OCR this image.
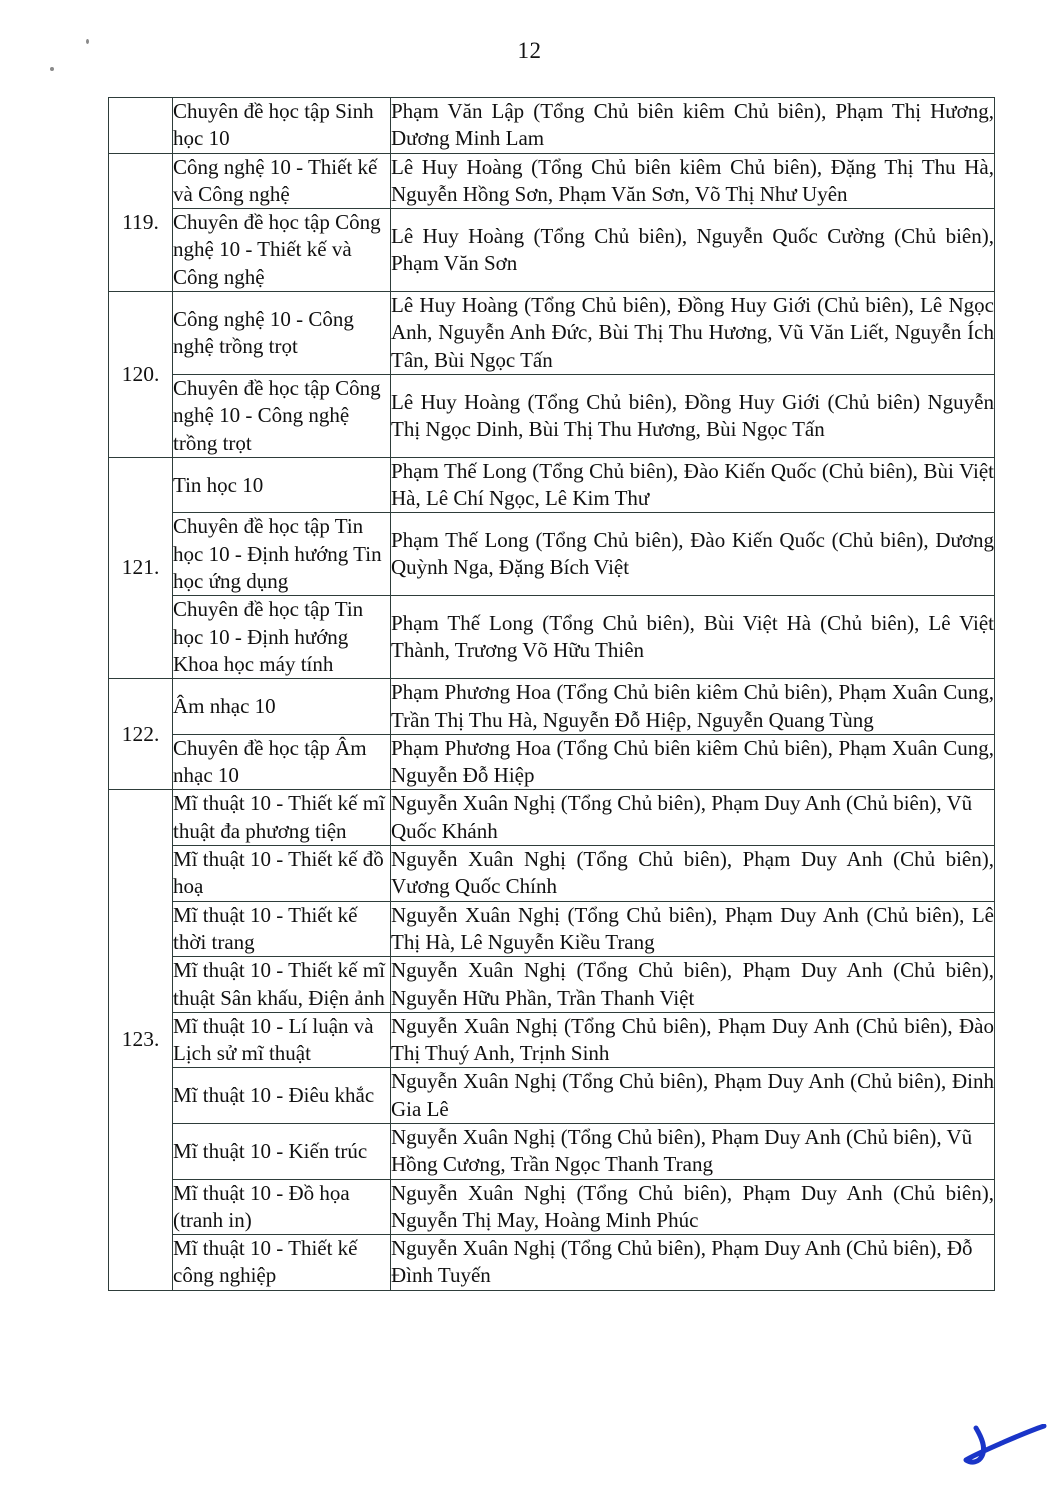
12
	Chuyên đề học tập Sinh học 10	Phạm Văn Lập (Tổng Chủ biên kiêm Chủ biên), Phạm Thị Hương, Dương Minh Lam
119.	Công nghệ 10 - Thiết kế và Công nghệ	Lê Huy Hoàng (Tổng Chủ biên kiêm Chủ biên), Đặng Thị Thu Hà, Nguyễn Hồng Sơn, Phạm Văn Sơn, Võ Thị Như Uyên
	Chuyên đề học tập Công nghệ 10 - Thiết kế và Công nghệ	Lê Huy Hoàng (Tổng Chủ biên), Nguyễn Quốc Cường (Chủ biên), Phạm Văn Sơn
120.	Công nghệ 10 - Công nghệ trồng trọt	Lê Huy Hoàng (Tổng Chủ biên), Đồng Huy Giới (Chủ biên), Lê Ngọc Anh, Nguyễn Anh Đức, Bùi Thị Thu Hương, Vũ Văn Liết, Nguyễn Ích Tân, Bùi Ngọc Tấn
	Chuyên đề học tập Công nghệ 10 - Công nghệ trồng trọt	Lê Huy Hoàng (Tổng Chủ biên), Đồng Huy Giới (Chủ biên) Nguyễn Thị Ngọc Dinh, Bùi Thị Thu Hương, Bùi Ngọc Tấn
121.	Tin học 10	Phạm Thế Long (Tổng Chủ biên), Đào Kiến Quốc (Chủ biên), Bùi Việt Hà, Lê Chí Ngọc, Lê Kim Thư
	Chuyên đề học tập Tin học 10 - Định hướng Tin học ứng dụng	Phạm Thế Long (Tổng Chủ biên), Đào Kiến Quốc (Chủ biên), Dương Quỳnh Nga, Đặng Bích Việt
	Chuyên đề học tập Tin học 10 - Định hướng Khoa học máy tính	Phạm Thế Long (Tổng Chủ biên), Bùi Việt Hà (Chủ biên), Lê Việt Thành, Trương Võ Hữu Thiên
122.	Âm nhạc 10	Phạm Phương Hoa (Tổng Chủ biên kiêm Chủ biên), Phạm Xuân Cung, Trần Thị Thu Hà, Nguyễn Đỗ Hiệp, Nguyễn Quang Tùng
	Chuyên đề học tập Âm nhạc 10	Phạm Phương Hoa (Tổng Chủ biên kiêm Chủ biên), Phạm Xuân Cung, Nguyễn Đỗ Hiệp
123.	Mĩ thuật 10 - Thiết kế mĩ thuật đa phương tiện	Nguyễn Xuân Nghị (Tổng Chủ biên), Phạm Duy Anh (Chủ biên), Vũ Quốc Khánh
	Mĩ thuật 10 - Thiết kế đồ hoạ	Nguyễn Xuân Nghị (Tổng Chủ biên), Phạm Duy Anh (Chủ biên), Vương Quốc Chính
	Mĩ thuật 10 - Thiết kế thời trang	Nguyễn Xuân Nghị (Tổng Chủ biên), Phạm Duy Anh (Chủ biên), Lê Thị Hà, Lê Nguyễn Kiều Trang
	Mĩ thuật 10 - Thiết kế mĩ thuật Sân khấu, Điện ảnh	Nguyễn Xuân Nghị (Tổng Chủ biên), Phạm Duy Anh (Chủ biên), Nguyễn Hữu Phần, Trần Thanh Việt
	Mĩ thuật 10 - Lí luận và Lịch sử mĩ thuật	Nguyễn Xuân Nghị (Tổng Chủ biên), Phạm Duy Anh (Chủ biên), Đào Thị Thuý Anh, Trịnh Sinh
	Mĩ thuật 10 - Điêu khắc	Nguyễn Xuân Nghị (Tổng Chủ biên), Phạm Duy Anh (Chủ biên), Đinh Gia Lê
	Mĩ thuật 10 - Kiến trúc	Nguyễn Xuân Nghị (Tổng Chủ biên), Phạm Duy Anh (Chủ biên), Vũ Hồng Cương, Trần Ngọc Thanh Trang
	Mĩ thuật 10 - Đồ họa (tranh in)	Nguyễn Xuân Nghị (Tổng Chủ biên), Phạm Duy Anh (Chủ biên), Nguyễn Thị May, Hoàng Minh Phúc
	Mĩ thuật 10 - Thiết kế công nghiệp	Nguyễn Xuân Nghị (Tổng Chủ biên), Phạm Duy Anh (Chủ biên), Đỗ Đình Tuyến
